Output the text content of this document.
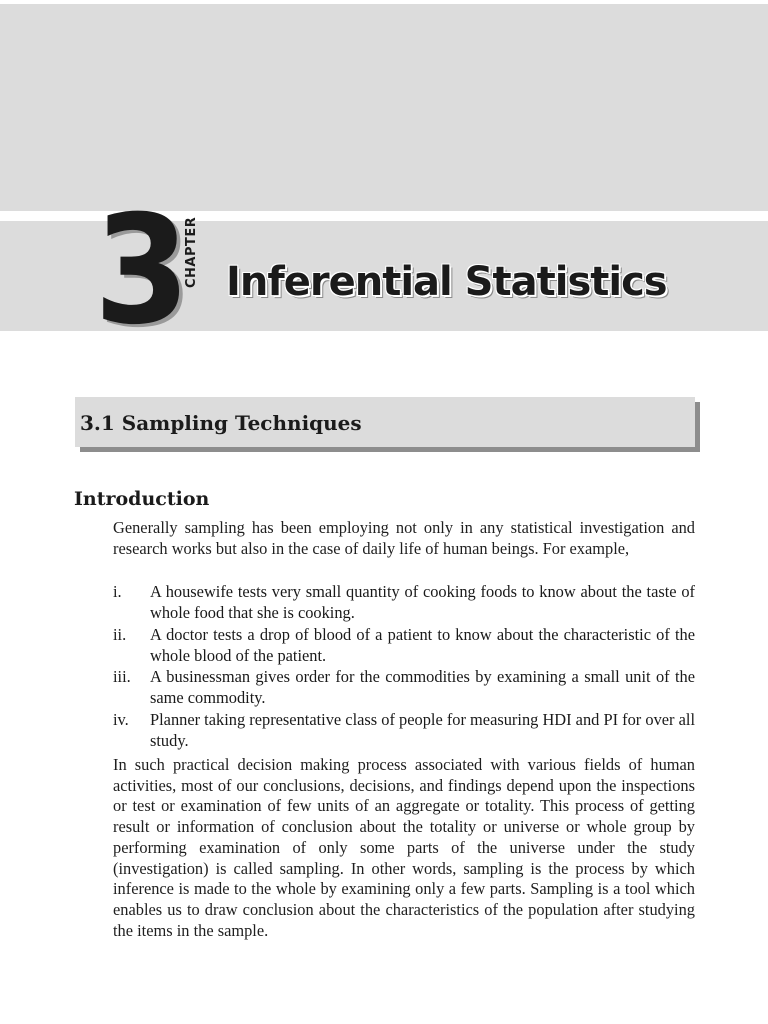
3
CHAPTER Inferential Statistics
3.1 Sampling Techniques
Introduction
Generally sampling has been employing not only in any statistical investigation and research works but also in the case of daily life of human beings. For example,
i.	A housewife tests very small quantity of cooking foods to know about the taste of whole food that she is cooking.
ii.	A doctor tests a drop of blood of a patient to know about the characteristic of the whole blood of the patient.
iii.	A businessman gives order for the commodities by examining a small unit of the same commodity.
iv.	Planner taking representative class of people for measuring HDI and PI for over all study.
In such practical decision making process associated with various fields of human activities, most of our conclusions, decisions, and findings depend upon the inspections or test or examination of few units of an aggregate or totality. This process of getting result or information of conclusion about the totality or universe or whole group by performing examination of only some parts of the universe under the study (investigation) is called sampling. In other words, sampling is the process by which inference is made to the whole by examining only a few parts. Sampling is a tool which enables us to draw conclusion about the characteristics of the population after studying the items in the sample.
